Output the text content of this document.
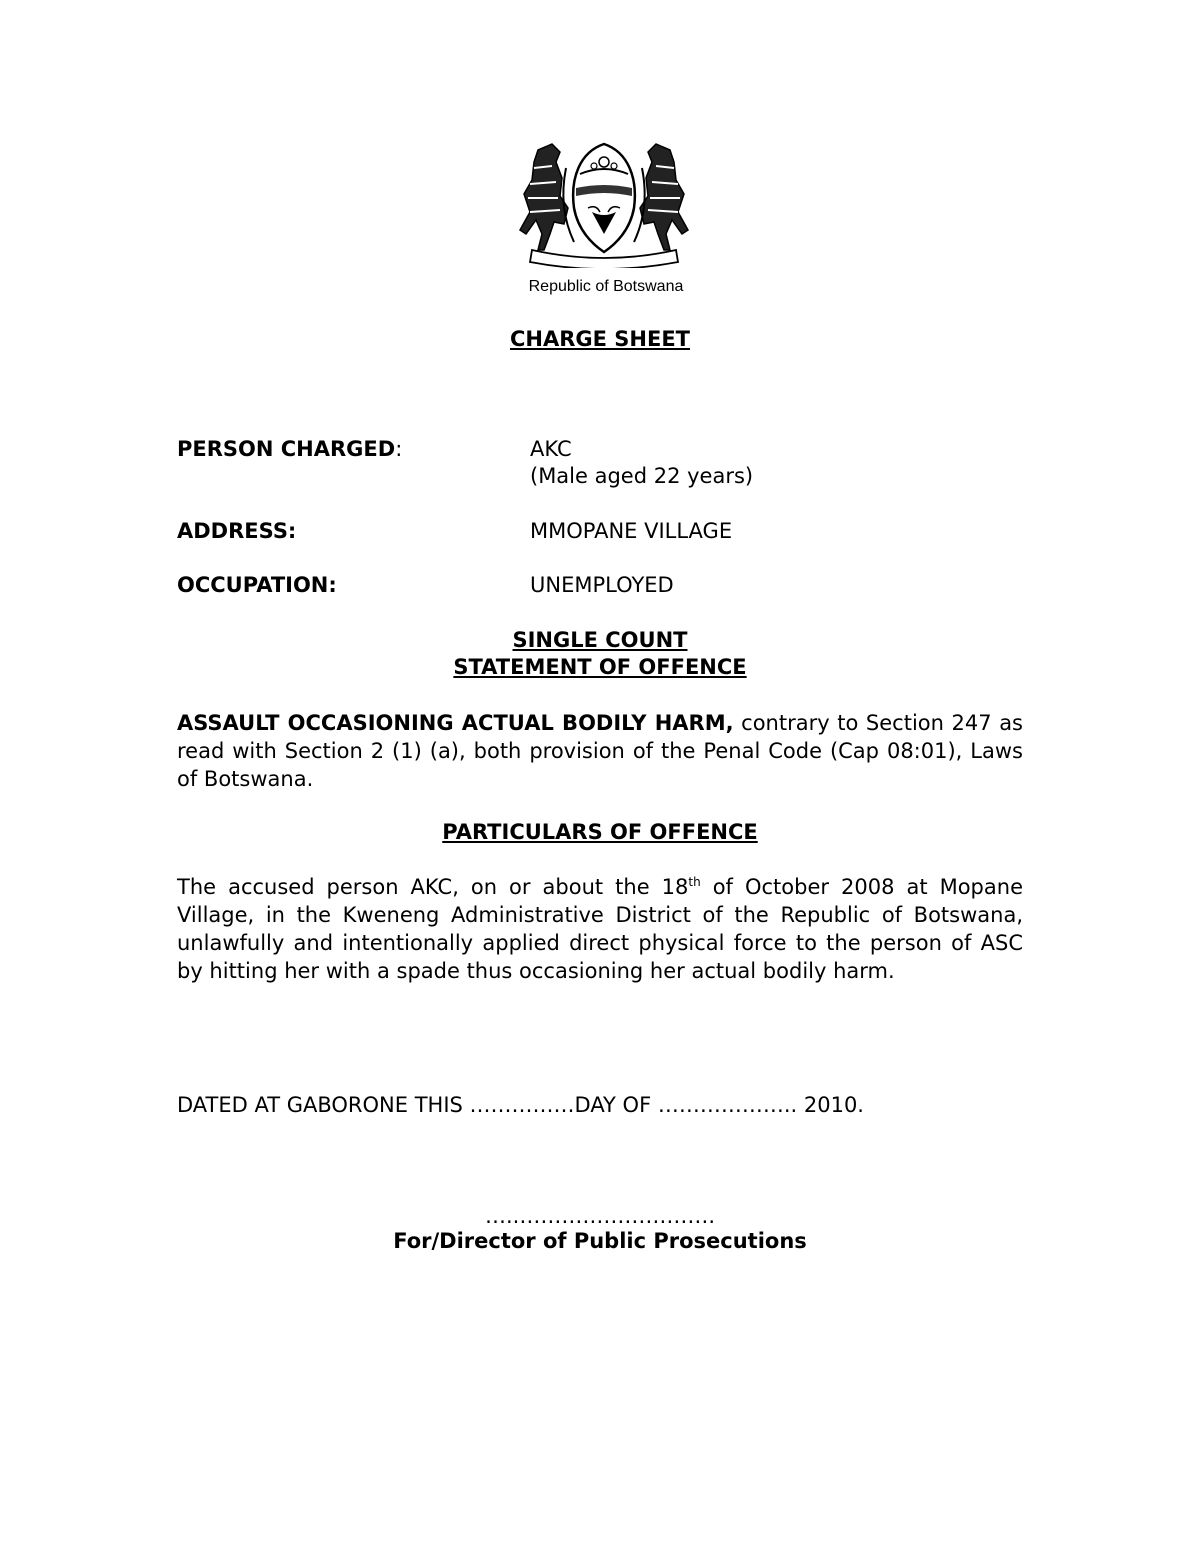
Republic of Botswana
CHARGE SHEET
PERSON CHARGED:	AKC
(Male aged 22 years)
ADDRESS:	MMOPANE VILLAGE
OCCUPATION:	UNEMPLOYED
SINGLE COUNT
STATEMENT OF OFFENCE

ASSAULT OCCASIONING ACTUAL BODILY HARM, contrary to Section 247 as read with Section 2 (1) (a), both provision of the Penal Code (Cap 08:01), Laws of Botswana.

PARTICULARS OF OFFENCE

The accused person AKC, on or about the 18th of October 2008 at Mopane Village, in the Kweneng Administrative District of the Republic of Botswana, unlawfully and intentionally applied direct physical force to the person of ASC by hitting her with a spade thus occasioning her actual bodily harm.

DATED AT GABORONE THIS ……………DAY OF ……………….. 2010.
…..……………………….
For/Director of Public Prosecutions
